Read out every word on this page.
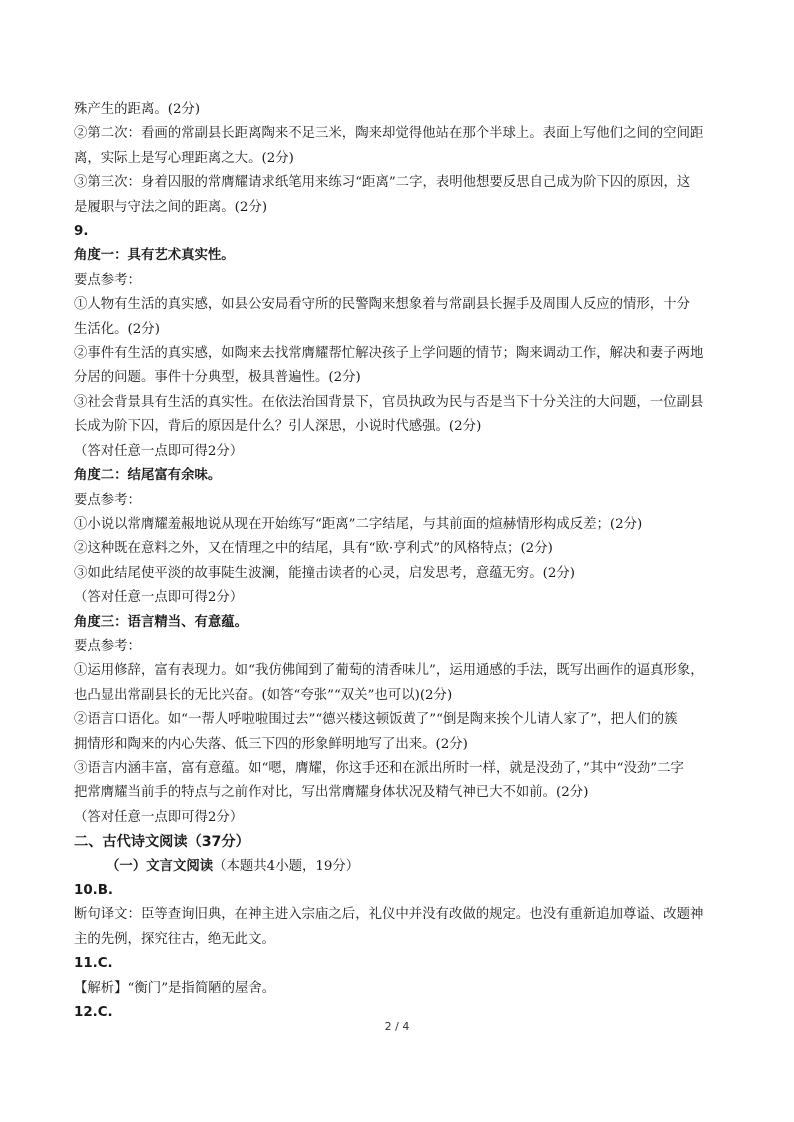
殊产生的距离。(2分)
②第二次：看画的常副县长距离陶来不足三米，陶来却觉得他站在那个半球上。表面上写他们之间的空间距
离，实际上是写心理距离之大。(2分)
③第三次：身着囚服的常膺耀请求纸笔用来练习“距离”二字，表明他想要反思自己成为阶下囚的原因，这
是履职与守法之间的距离。(2分)
9.
角度一：具有艺术真实性。
要点参考：
①人物有生活的真实感，如县公安局看守所的民警陶来想象着与常副县长握手及周围人反应的情形，十分
生活化。(2分)
②事件有生活的真实感，如陶来去找常膺耀帮忙解决孩子上学问题的情节；陶来调动工作，解决和妻子两地
分居的问题。事件十分典型，极具普遍性。(2分)
③社会背景具有生活的真实性。在依法治国背景下，官员执政为民与否是当下十分关注的大问题，一位副县
长成为阶下囚，背后的原因是什么？引人深思，小说时代感强。(2分)
（答对任意一点即可得2分）
角度二：结尾富有余味。
要点参考：
①小说以常膺耀羞赧地说从现在开始练写“距离”二字结尾，与其前面的煊赫情形构成反差；(2分)
②这种既在意料之外，又在情理之中的结尾，具有“欧·亨利式”的风格特点；(2分)
③如此结尾使平淡的故事陡生波澜，能撞击读者的心灵，启发思考，意蕴无穷。(2分)
（答对任意一点即可得2分）
角度三：语言精当、有意蕴。
要点参考：
①运用修辞，富有表现力。如“我仿佛闻到了葡萄的清香味儿”，运用通感的手法，既写出画作的逼真形象，
也凸显出常副县长的无比兴奋。(如答“夸张”“双关”也可以)(2分)
②语言口语化。如“一帮人呼啦啦围过去”“德兴楼这顿饭黄了”“倒是陶来挨个儿请人家了”，把人们的簇
拥情形和陶来的内心失落、低三下四的形象鲜明地写了出来。(2分)
③语言内涵丰富，富有意蕴。如“嗯，膺耀，你这手还和在派出所时一样，就是没劲了，”其中“没劲”二字
把常膺耀当前手的特点与之前作对比，写出常膺耀身体状况及精气神已大不如前。(2分)
（答对任意一点即可得2分）
二、古代诗文阅读（37分）
（一）文言文阅读（本题共4小题，19分）
10.B.
断句译文：臣等查询旧典，在神主进入宗庙之后，礼仪中并没有改做的规定。也没有重新追加尊谥、改题神
主的先例，探究往古，绝无此文。
11.C.
【解析】“衡门”是指简陋的屋舍。
12.C.
2 / 4
